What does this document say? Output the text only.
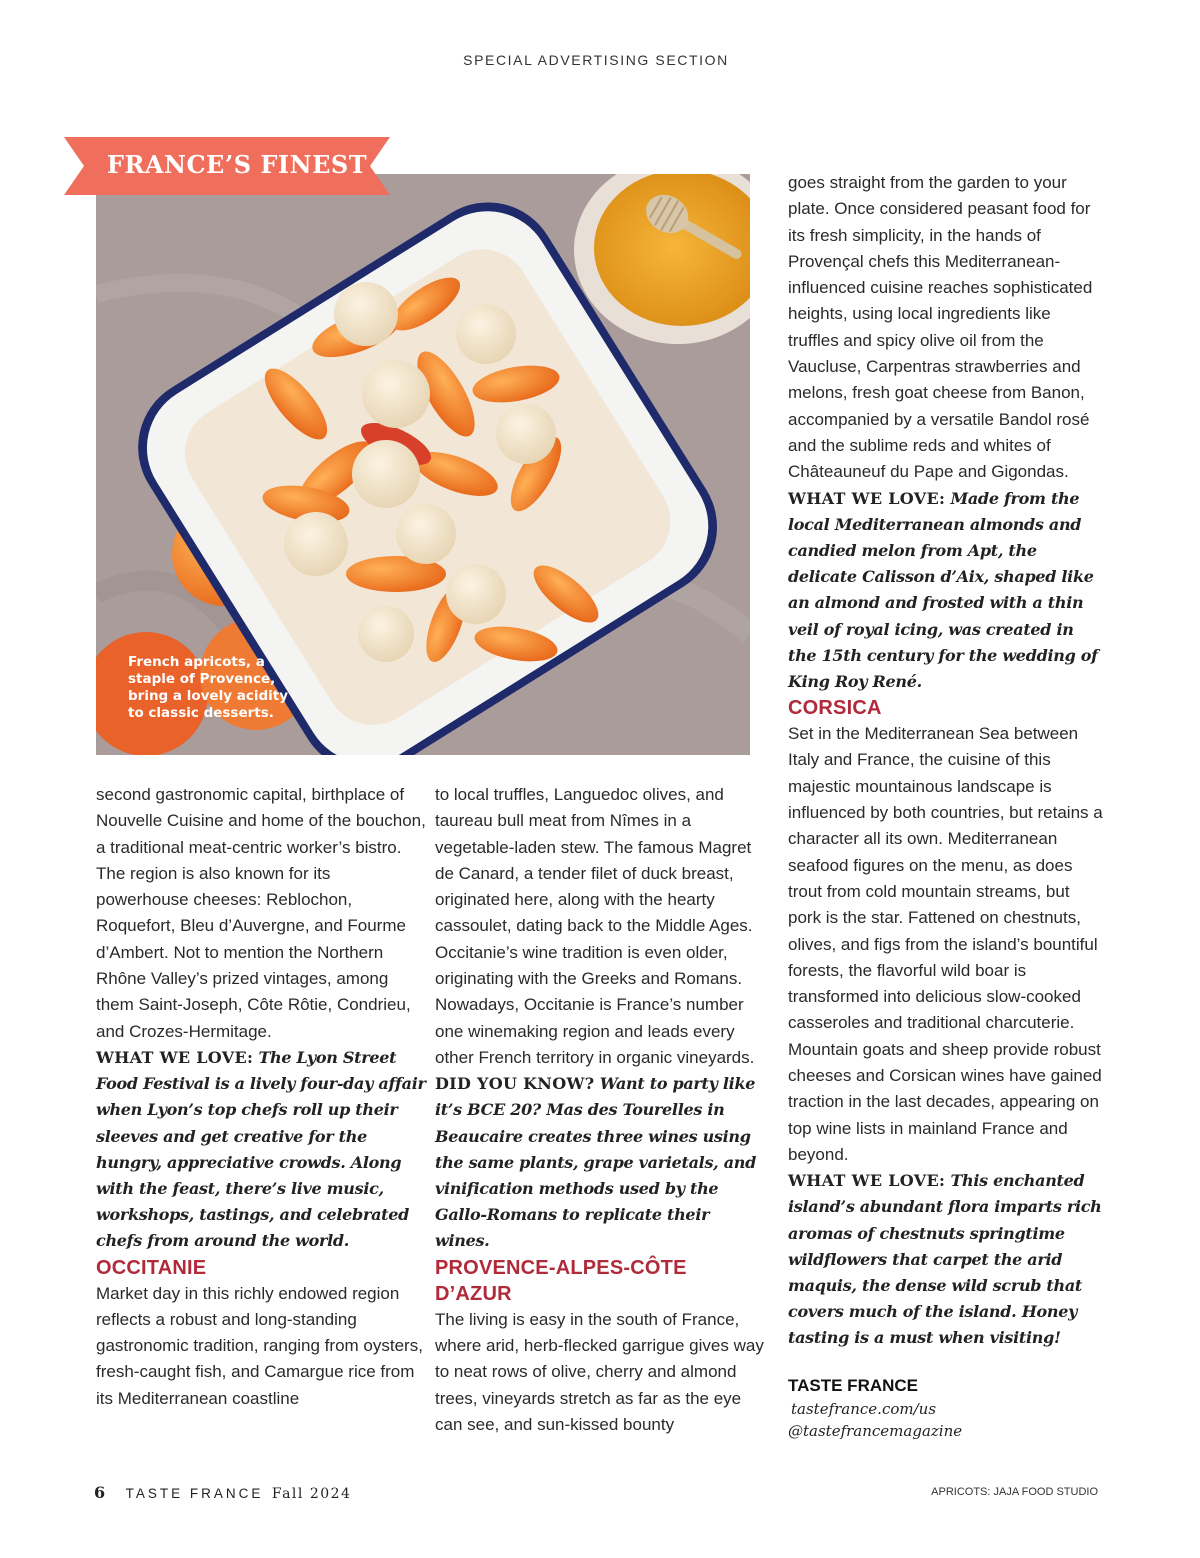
SPECIAL ADVERTISING SECTION
FRANCE’S FINEST
French apricots, a staple of Provence, bring a lovely acidity to classic desserts.

second gastronomic capital, birthplace of Nouvelle Cuisine and home of the bouchon, a traditional meat-centric worker’s bistro. The region is also known for its powerhouse cheeses: Reblochon, Roquefort, Bleu d’Auvergne, and Fourme d’Ambert. Not to mention the Northern Rhône Valley’s prized vintages, among them Saint-Joseph, Côte Rôtie, Condrieu, and Crozes-Hermitage.

WHAT WE LOVE: The Lyon Street Food Festival is a lively four-day affair when Lyon’s top chefs roll up their sleeves and get creative for the hungry, appreciative crowds. Along with the feast, there’s live music, workshops, tastings, and celebrated chefs from around the world.

OCCITANIE

Market day in this richly endowed region reflects a robust and long-standing gastronomic tradition, ranging from oysters, fresh-caught fish, and Camargue rice from its Mediterranean coastline

to local truffles, Languedoc olives, and taureau bull meat from Nîmes in a vegetable-laden stew. The famous Magret de Canard, a tender filet of duck breast, originated here, along with the hearty cassoulet, dating back to the Middle Ages. Occitanie’s wine tradition is even older, originating with the Greeks and Romans. Nowadays, Occitanie is France’s number one winemaking region and leads every other French territory in organic vineyards.

DID YOU KNOW? Want to party like it’s BCE 20? Mas des Tourelles in Beaucaire creates three wines using the same plants, grape varietals, and vinification methods used by the Gallo-Romans to replicate their wines.

PROVENCE-ALPES-CÔTE D’AZUR

The living is easy in the south of France, where arid, herb-flecked garrigue gives way to neat rows of olive, cherry and almond trees, vineyards stretch as far as the eye can see, and sun-kissed bounty

goes straight from the garden to your plate. Once considered peasant food for its fresh simplicity, in the hands of Provençal chefs this Mediterranean-influenced cuisine reaches sophisticated heights, using local ingredients like truffles and spicy olive oil from the Vaucluse, Carpentras strawberries and melons, fresh goat cheese from Banon, accompanied by a versatile Bandol rosé and the sublime reds and whites of Châteauneuf du Pape and Gigondas.

WHAT WE LOVE: Made from the local Mediterranean almonds and candied melon from Apt, the delicate Calisson d’Aix, shaped like an almond and frosted with a thin veil of royal icing, was created in the 15th century for the wedding of King Roy René.

CORSICA

Set in the Mediterranean Sea between Italy and France, the cuisine of this majestic mountainous landscape is influenced by both countries, but retains a character all its own. Mediterranean seafood figures on the menu, as does trout from cold mountain streams, but pork is the star. Fattened on chestnuts, olives, and figs from the island’s bountiful forests, the flavorful wild boar is transformed into delicious slow-cooked casseroles and traditional charcuterie. Mountain goats and sheep provide robust cheeses and Corsican wines have gained traction in the last decades, appearing on top wine lists in mainland France and beyond.

WHAT WE LOVE: This enchanted island’s abundant flora imparts rich aromas of chestnuts springtime wildflowers that carpet the arid maquis, the dense wild scrub that covers much of the island. Honey tasting is a must when visiting!

TASTE FRANCE
tastefrance.com/us
@tastefrancemagazine
6 TASTE FRANCE Fall 2024	APRICOTS: JAJA FOOD STUDIO
